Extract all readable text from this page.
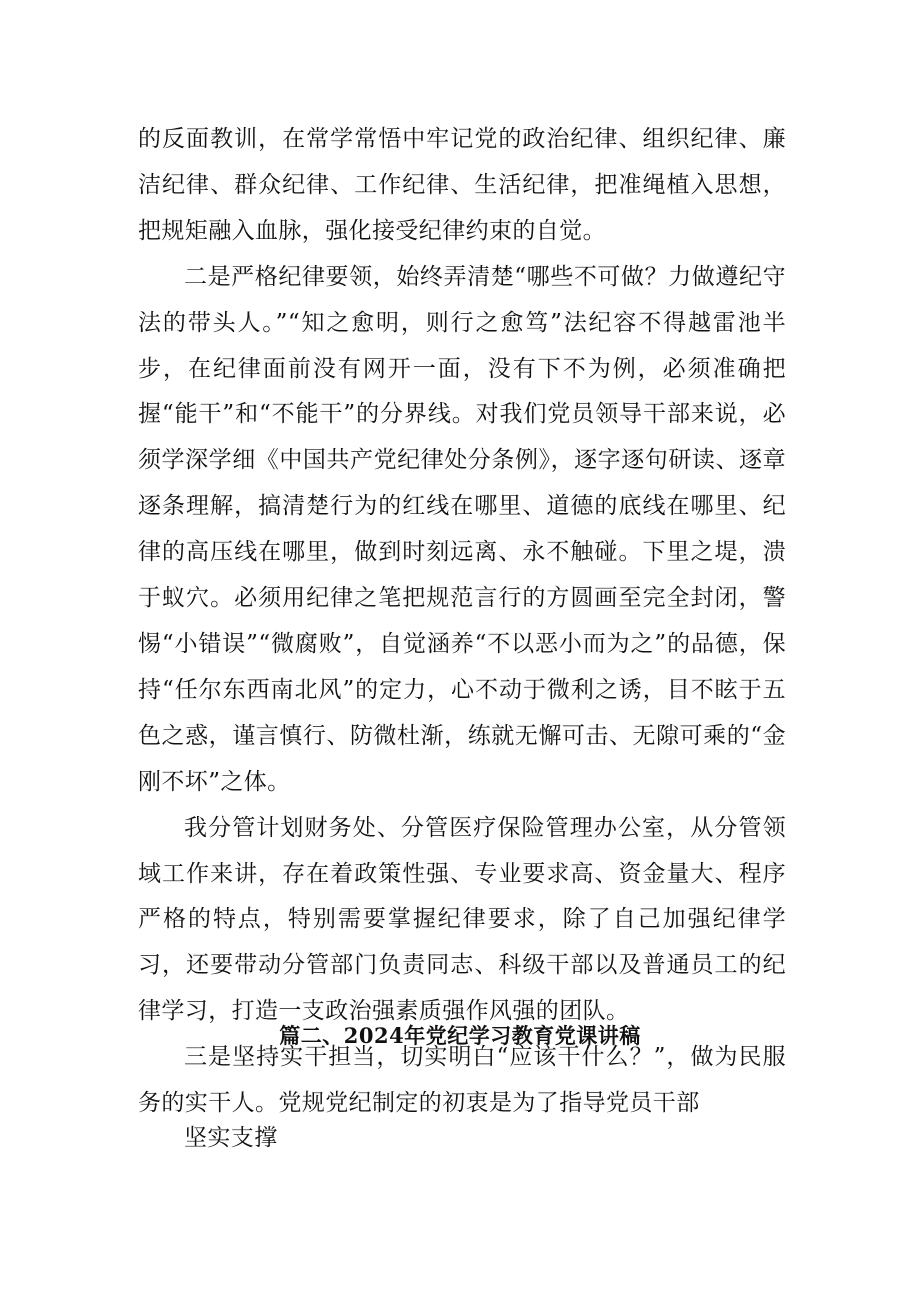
的反面教训，在常学常悟中牢记党的政治纪律、组织纪律、廉洁纪律、群众纪律、工作纪律、生活纪律，把准绳植入思想，把规矩融入血脉，强化接受纪律约束的自觉。

二是严格纪律要领，始终弄清楚“哪些不可做？力做遵纪守法的带头人。”“知之愈明，则行之愈笃”法纪容不得越雷池半步，在纪律面前没有网开一面，没有下不为例，必须准确把握“能干”和“不能干”的分界线。对我们党员领导干部来说，必须学深学细《中国共产党纪律处分条例》，逐字逐句研读、逐章逐条理解，搞清楚行为的红线在哪里、道德的底线在哪里、纪律的高压线在哪里，做到时刻远离、永不触碰。下里之堤，溃于蚁穴。必须用纪律之笔把规范言行的方圆画至完全封闭，警惕“小错误”“微腐败”，自觉涵养“不以恶小而为之”的品德，保持“任尔东西南北风”的定力，心不动于微利之诱，目不眩于五色之惑，谨言慎行、防微杜渐，练就无懈可击、无隙可乘的“金刚不坏”之体。

我分管计划财务处、分管医疗保险管理办公室，从分管领域工作来讲，存在着政策性强、专业要求高、资金量大、程序严格的特点，特别需要掌握纪律要求，除了自己加强纪律学习，还要带动分管部门负责同志、科级干部以及普通员工的纪律学习，打造一支政治强素质强作风强的团队。

三是坚持实干担当，切实明白“应该干什么？”，做为民服务的实干人。党规党纪制定的初衷是为了指导党员干部

篇二、2024年党纪学习教育党课讲稿

坚实支撑
